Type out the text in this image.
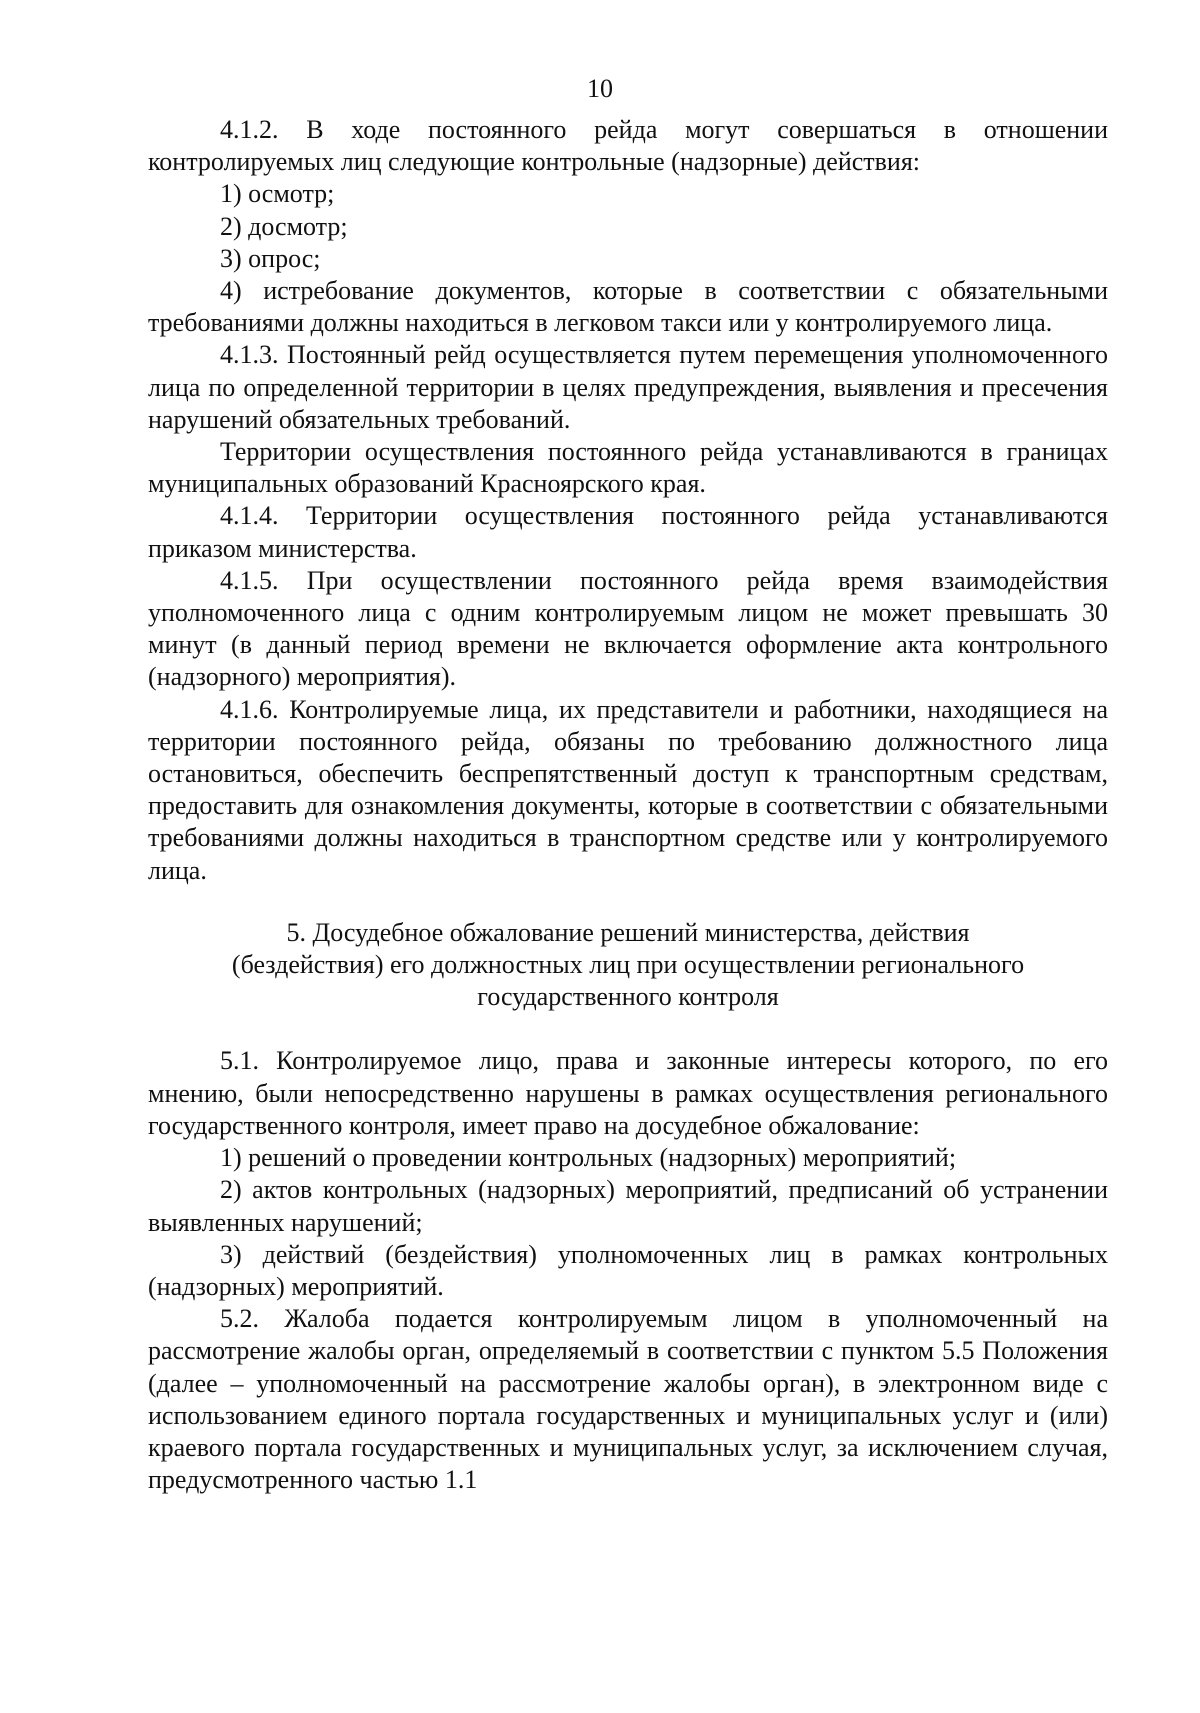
10

4.1.2. В ходе постоянного рейда могут совершаться в отношении контролируемых лиц следующие контрольные (надзорные) действия:

1) осмотр;

2) досмотр;

3) опрос;

4) истребование документов, которые в соответствии с обязательными требованиями должны находиться в легковом такси или у контролируемого лица.

4.1.3. Постоянный рейд осуществляется путем перемещения уполномоченного лица по определенной территории в целях предупреждения, выявления и пресечения нарушений обязательных требований.

Территории осуществления постоянного рейда устанавливаются в границах муниципальных образований Красноярского края.

4.1.4. Территории осуществления постоянного рейда устанавливаются приказом министерства.

4.1.5. При осуществлении постоянного рейда время взаимодействия уполномоченного лица с одним контролируемым лицом не может превышать 30 минут (в данный период времени не включается оформление акта контрольного (надзорного) мероприятия).

4.1.6. Контролируемые лица, их представители и работники, находящиеся на территории постоянного рейда, обязаны по требованию должностного лица остановиться, обеспечить беспрепятственный доступ к транспортным средствам, предоставить для ознакомления документы, которые в соответствии с обязательными требованиями должны находиться в транспортном средстве или у контролируемого лица.

5. Досудебное обжалование решений министерства, действия
(бездействия) его должностных лиц при осуществлении регионального
государственного контроля

5.1. Контролируемое лицо, права и законные интересы которого, по его мнению, были непосредственно нарушены в рамках осуществления регионального государственного контроля, имеет право на досудебное обжалование:

1) решений о проведении контрольных (надзорных) мероприятий;

2) актов контрольных (надзорных) мероприятий, предписаний об устранении выявленных нарушений;

3) действий (бездействия) уполномоченных лиц в рамках контрольных (надзорных) мероприятий.

5.2. Жалоба подается контролируемым лицом в уполномоченный на рассмотрение жалобы орган, определяемый в соответствии с пунктом 5.5 Положения (далее – уполномоченный на рассмотрение жалобы орган), в электронном виде с использованием единого портала государственных и муниципальных услуг и (или) краевого портала государственных и муниципальных услуг, за исключением случая, предусмотренного частью 1.1
